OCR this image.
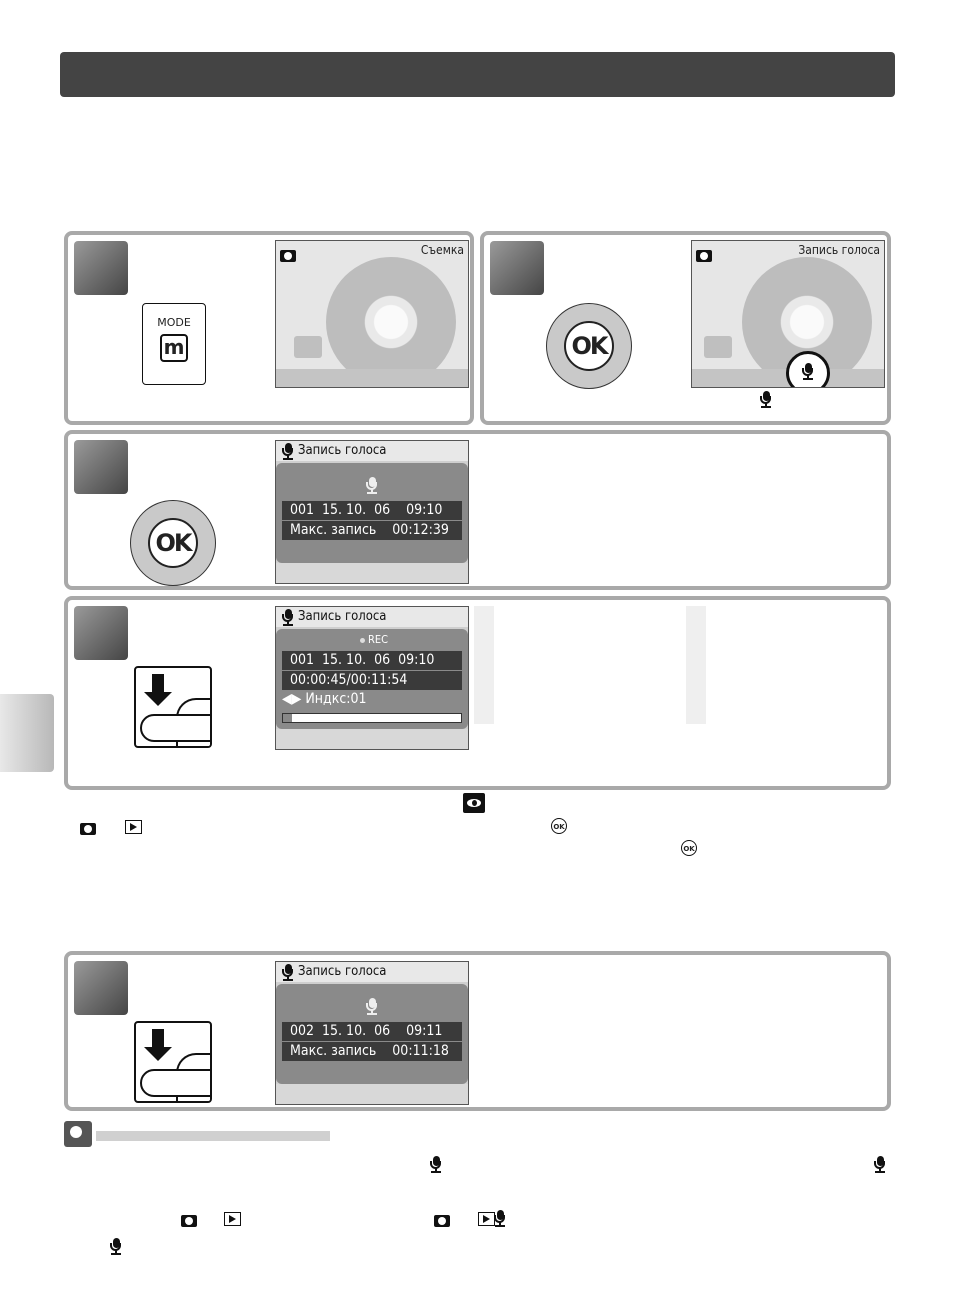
MODE
m
Съемка
OK
Запись голоса
OK
Запись голоса
001  15. 10.  06    09:10
Макс. запись    00:12:39
Запись голоса
REC
001  15. 10.  06  09:10
00:00:45/00:11:54
◀▶ Индкс:01

OK
OK
Запись голоса
002  15. 10.  06    09:11
Макс. запись    00:11:18
